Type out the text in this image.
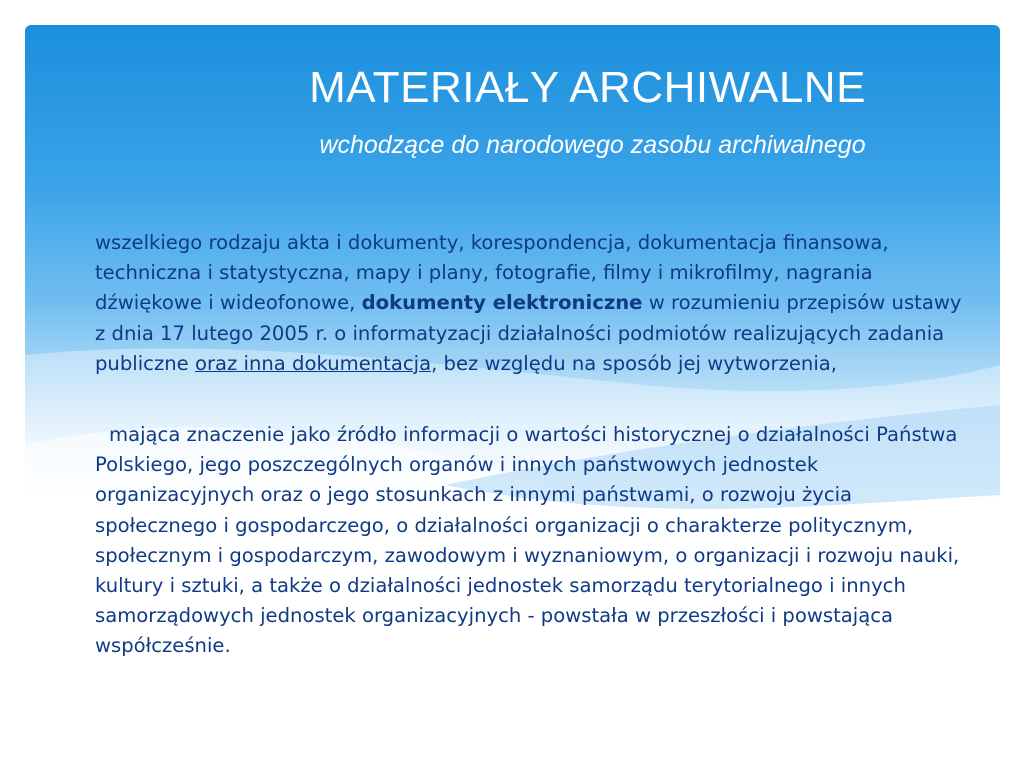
MATERIAŁY ARCHIWALNE
wchodzące do narodowego zasobu archiwalnego
wszelkiego rodzaju akta i dokumenty, korespondencja, dokumentacja finansowa, techniczna i statystyczna, mapy i plany, fotografie, filmy i mikrofilmy, nagrania dźwiękowe i wideofonowe, dokumenty elektroniczne w rozumieniu przepisów ustawy z dnia 17 lutego 2005 r. o informatyzacji działalności podmiotów realizujących zadania publiczne oraz inna dokumentacja, bez względu na sposób jej wytworzenia,
mająca znaczenie jako źródło informacji o wartości historycznej o działalności Państwa Polskiego, jego poszczególnych organów i innych państwowych jednostek organizacyjnych oraz o jego stosunkach z innymi państwami, o rozwoju życia społecznego i gospodarczego, o działalności organizacji o charakterze politycznym, społecznym i gospodarczym, zawodowym i wyznaniowym, o organizacji i rozwoju nauki, kultury i sztuki, a także o działalności jednostek samorządu terytorialnego i innych samorządowych jednostek organizacyjnych - powstała w przeszłości i powstająca współcześnie.
